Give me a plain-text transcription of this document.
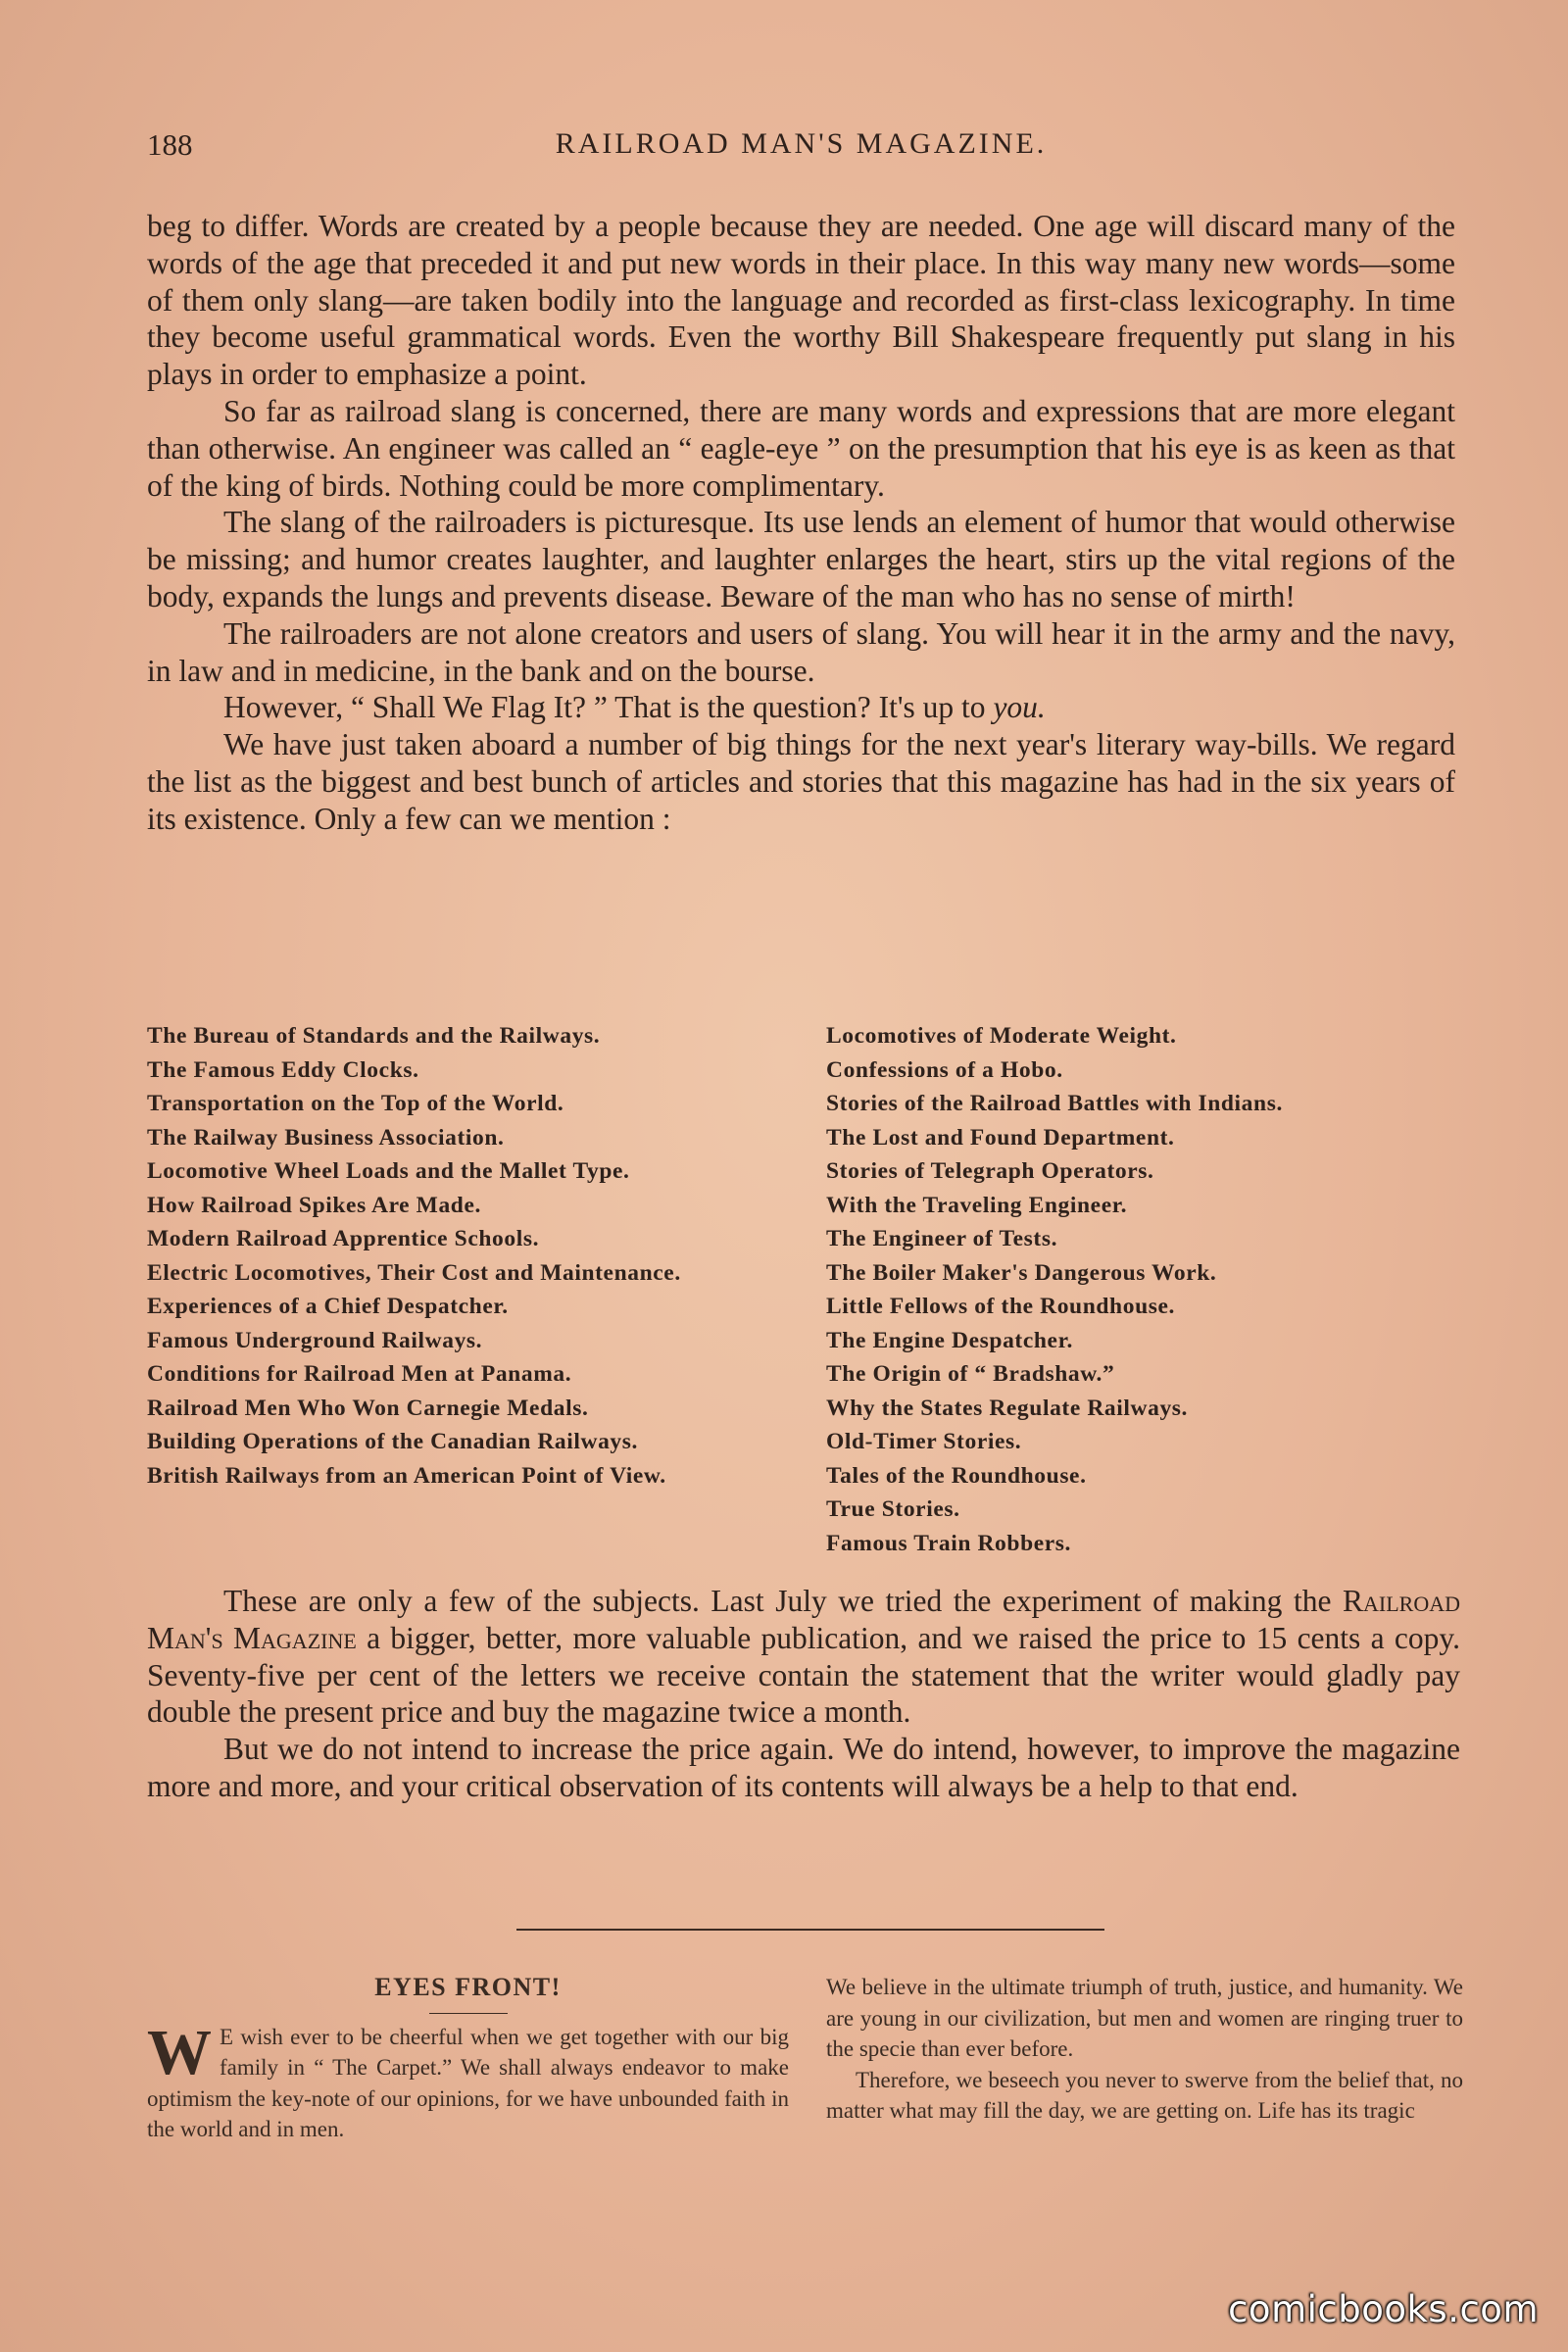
188	RAILROAD MAN'S MAGAZINE.

beg to differ. Words are created by a people because they are needed. One age will discard many of the words of the age that preceded it and put new words in their place. In this way many new words—some of them only slang—are taken bodily into the language and recorded as first-class lexicography. In time they become useful grammatical words. Even the worthy Bill Shakespeare frequently put slang in his plays in order to emphasize a point.

So far as railroad slang is concerned, there are many words and expressions that are more elegant than otherwise. An engineer was called an “ eagle-eye ” on the presumption that his eye is as keen as that of the king of birds. Nothing could be more complimentary.

The slang of the railroaders is picturesque. Its use lends an element of humor that would otherwise be missing; and humor creates laughter, and laughter enlarges the heart, stirs up the vital regions of the body, expands the lungs and prevents disease. Beware of the man who has no sense of mirth!

The railroaders are not alone creators and users of slang. You will hear it in the army and the navy, in law and in medicine, in the bank and on the bourse.

However, “ Shall We Flag It? ” That is the question? It's up to you.

We have just taken aboard a number of big things for the next year's literary way-bills. We regard the list as the biggest and best bunch of articles and stories that this magazine has had in the six years of its existence. Only a few can we mention :

The Bureau of Standards and the Railways.
The Famous Eddy Clocks.
Transportation on the Top of the World.
The Railway Business Association.
Locomotive Wheel Loads and the Mallet Type.
How Railroad Spikes Are Made.
Modern Railroad Apprentice Schools.
Electric Locomotives, Their Cost and Maintenance.
Experiences of a Chief Despatcher.
Famous Underground Railways.
Conditions for Railroad Men at Panama.
Railroad Men Who Won Carnegie Medals.
Building Operations of the Canadian Railways.
British Railways from an American Point of View.
Locomotives of Moderate Weight.
Confessions of a Hobo.
Stories of the Railroad Battles with Indians.
The Lost and Found Department.
Stories of Telegraph Operators.
With the Traveling Engineer.
The Engineer of Tests.
The Boiler Maker's Dangerous Work.
Little Fellows of the Roundhouse.
The Engine Despatcher.
The Origin of “ Bradshaw.”
Why the States Regulate Railways.
Old-Timer Stories.
Tales of the Roundhouse.
True Stories.
Famous Train Robbers.

These are only a few of the subjects. Last July we tried the experiment of making the Railroad Man's Magazine a bigger, better, more valuable publication, and we raised the price to 15 cents a copy. Seventy-five per cent of the letters we receive contain the statement that the writer would gladly pay double the present price and buy the magazine twice a month.

But we do not intend to increase the price again. We do intend, however, to improve the magazine more and more, and your critical observation of its contents will always be a help to that end.

EYES FRONT!

W E wish ever to be cheerful when we get together with our big family in “ The Carpet.” We shall always endeavor to make optimism the key-note of our opinions, for we have unbounded faith in the world and in men.

We believe in the ultimate triumph of truth, justice, and humanity. We are young in our civilization, but men and women are ringing truer to the specie than ever before.

Therefore, we beseech you never to swerve from the belief that, no matter what may fill the day, we are getting on. Life has its tragic

comicbooks.com
